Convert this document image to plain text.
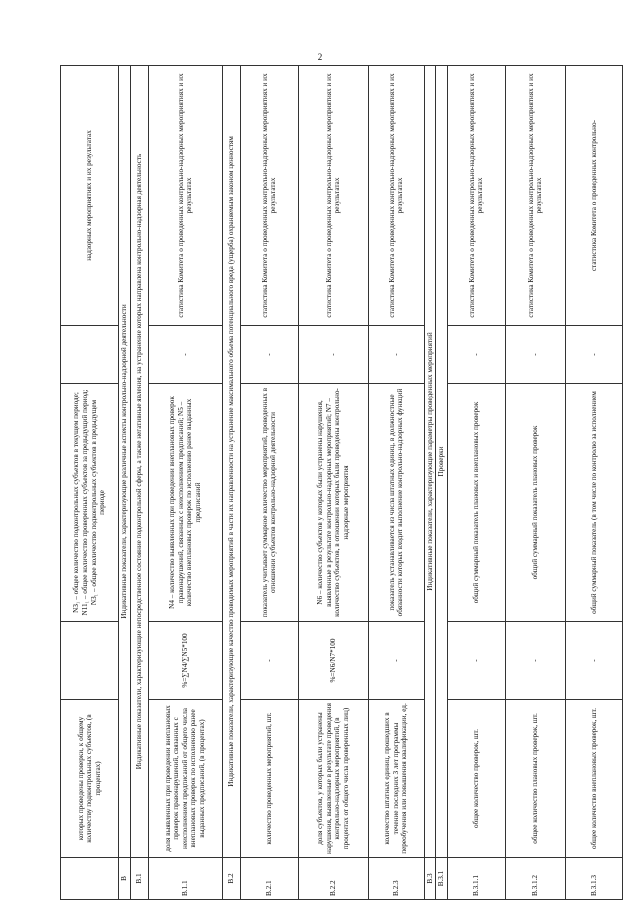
2
	которых проведены проверки, к общему количеству подконтрольных субъектов, (в процентах)		N3₁ – общее количество подконтрольных субъектов в текущем периоде; N11₁ – общее количество проверенных субъектов за предыдущий период; N3₁ – общее количество подконтрольных субъектов в предыдущем периоде		надзорных мероприятиях и их результатах
В	Индикативные показатели, характеризующие различные аспекты контрольно-надзорной деятельности				
В.1	Индикативные показатели, характеризующие непосредственное состояние подконтрольной сферы, а также негативные явления, на устранение которых направлена контрольно-надзорная деятельность				
В.1.1	доля выявленных при проведении внеплановых проверок правонарушений, связанных с неисполнением предписаний от общего числа внеплановых проверок по исполнению ранее выданных предписаний, (в процентах)	%=∑N4/∑N5*100	N4 – количество выявленных при проведении внеплановых проверок правонарушений, связанных с неисполнением предписаний; N5 – количество внеплановых проверок по исполнению ранее выданных предписаний	-	статистика Комитета о проведенных контрольно-надзорных мероприятиях и их результатах
В.2	Индикативные показатели, характеризующие качество проводимых мероприятий в части их направленности на устранение максимального объема потенциального вреда (ущерба) охраняемым законом ценностям				
В.2.1	количество проведенных мероприятий, шт.	-	показатель учитывает суммарное количество мероприятий, проведенных в отношении субъектов контрольно-надзорной деятельности	-	статистика Комитета о проведенных контрольно-надзорных мероприятиях и их результатах
В.2.2	доля субъектов, у которых были устранены нарушения, выявленные в результате проведения контрольно-надзорных мероприятий, (в процентах от общего числа проверенных лиц)	%=N6/N7*100	N6 – количество субъектов у которых были устранены нарушения, выявленные в результате контрольно-надзорных мероприятий; N7 – количество субъектов, в отношении которых были проведены контрольно-надзорные мероприятия	-	статистика Комитета о проведенных контрольно-надзорных мероприятиях и их результатах
В.2.3	количество штатных единиц, прошедших в течение последних 3 лет программы переобучения или повышения квалификации, ед.	-	показатель устанавливается из числа штатных единиц, в должностные обязанности которых входит выполнение контрольно-надзорных функций	-	статистика Комитета о проведенных контрольно-надзорных мероприятиях и их результатах
В.3	Индикативные показатели, характеризующие параметры проведенных мероприятий				
В.3.1	Проверки				
В.3.1.1	общее количество проверок, шт.	-	общий суммарный показатель плановых и внеплановых проверок	-	статистика Комитета о проведенных контрольно-надзорных мероприятиях и их результатах
В.3.1.2	общее количество плановых проверок, шт.	-	общий суммарный показатель плановых проверок	-	статистика Комитета о проведенных контрольно-надзорных мероприятиях и их результатах
В.3.1.3	общее количество внеплановых проверок, шт.	-	общий суммарный показатель (в том числе по контролю за исполнением	-	статистика Комитета о проведенных контрольно-
